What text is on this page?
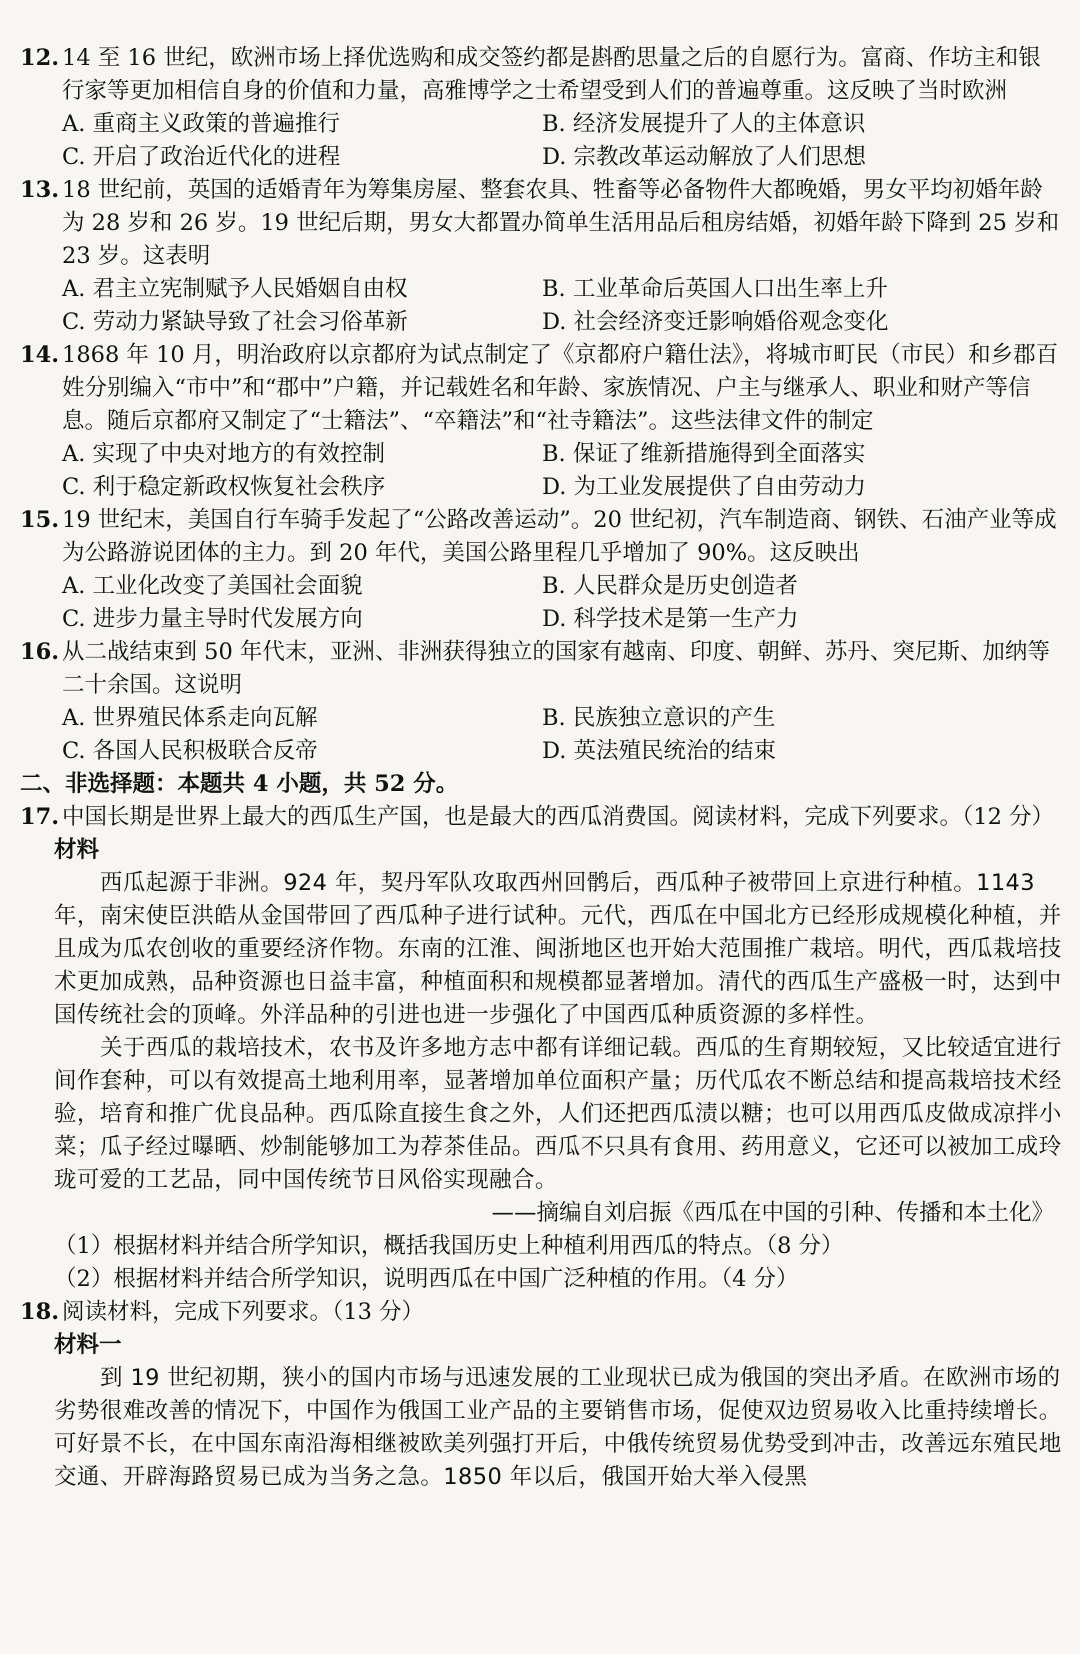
12. 14 至 16 世纪，欧洲市场上择优选购和成交签约都是斟酌思量之后的自愿行为。富商、作坊主和银行家等更加相信自身的价值和力量，高雅博学之士希望受到人们的普遍尊重。这反映了当时欧洲
A. 重商主义政策的普遍推行	B. 经济发展提升了人的主体意识
C. 开启了政治近代化的进程	D. 宗教改革运动解放了人们思想
13. 18 世纪前，英国的适婚青年为筹集房屋、整套农具、牲畜等必备物件大都晚婚，男女平均初婚年龄为 28 岁和 26 岁。19 世纪后期，男女大都置办简单生活用品后租房结婚，初婚年龄下降到 25 岁和 23 岁。这表明
A. 君主立宪制赋予人民婚姻自由权	B. 工业革命后英国人口出生率上升
C. 劳动力紧缺导致了社会习俗革新	D. 社会经济变迁影响婚俗观念变化
14. 1868 年 10 月，明治政府以京都府为试点制定了《京都府户籍仕法》，将城市町民（市民）和乡郡百姓分别编入“市中”和“郡中”户籍，并记载姓名和年龄、家族情况、户主与继承人、职业和财产等信息。随后京都府又制定了“士籍法”、“卒籍法”和“社寺籍法”。这些法律文件的制定
A. 实现了中央对地方的有效控制	B. 保证了维新措施得到全面落实
C. 利于稳定新政权恢复社会秩序	D. 为工业发展提供了自由劳动力
15. 19 世纪末，美国自行车骑手发起了“公路改善运动”。20 世纪初，汽车制造商、钢铁、石油产业等成为公路游说团体的主力。到 20 年代，美国公路里程几乎增加了 90%。这反映出
A. 工业化改变了美国社会面貌	B. 人民群众是历史创造者
C. 进步力量主导时代发展方向	D. 科学技术是第一生产力
16. 从二战结束到 50 年代末，亚洲、非洲获得独立的国家有越南、印度、朝鲜、苏丹、突尼斯、加纳等二十余国。这说明
A. 世界殖民体系走向瓦解	B. 民族独立意识的产生
C. 各国人民积极联合反帝	D. 英法殖民统治的结束
二、非选择题：本题共 4 小题，共 52 分。
17. 中国长期是世界上最大的西瓜生产国，也是最大的西瓜消费国。阅读材料，完成下列要求。（12 分）
材料

西瓜起源于非洲。924 年，契丹军队攻取西州回鹘后，西瓜种子被带回上京进行种植。1143 年，南宋使臣洪皓从金国带回了西瓜种子进行试种。元代，西瓜在中国北方已经形成规模化种植，并且成为瓜农创收的重要经济作物。东南的江淮、闽浙地区也开始大范围推广栽培。明代，西瓜栽培技术更加成熟，品种资源也日益丰富，种植面积和规模都显著增加。清代的西瓜生产盛极一时，达到中国传统社会的顶峰。外洋品种的引进也进一步强化了中国西瓜种质资源的多样性。

关于西瓜的栽培技术，农书及许多地方志中都有详细记载。西瓜的生育期较短，又比较适宜进行间作套种，可以有效提高土地利用率，显著增加单位面积产量；历代瓜农不断总结和提高栽培技术经验，培育和推广优良品种。西瓜除直接生食之外，人们还把西瓜渍以糖；也可以用西瓜皮做成凉拌小菜；瓜子经过曝晒、炒制能够加工为荐茶佳品。西瓜不只具有食用、药用意义，它还可以被加工成玲珑可爱的工艺品，同中国传统节日风俗实现融合。

——摘编自刘启振《西瓜在中国的引种、传播和本土化》
（1）根据材料并结合所学知识，概括我国历史上种植利用西瓜的特点。（8 分）
（2）根据材料并结合所学知识，说明西瓜在中国广泛种植的作用。（4 分）
18. 阅读材料，完成下列要求。（13 分）
材料一

到 19 世纪初期，狭小的国内市场与迅速发展的工业现状已成为俄国的突出矛盾。在欧洲市场的劣势很难改善的情况下，中国作为俄国工业产品的主要销售市场，促使双边贸易收入比重持续增长。可好景不长，在中国东南沿海相继被欧美列强打开后，中俄传统贸易优势受到冲击，改善远东殖民地交通、开辟海路贸易已成为当务之急。1850 年以后，俄国开始大举入侵黑
